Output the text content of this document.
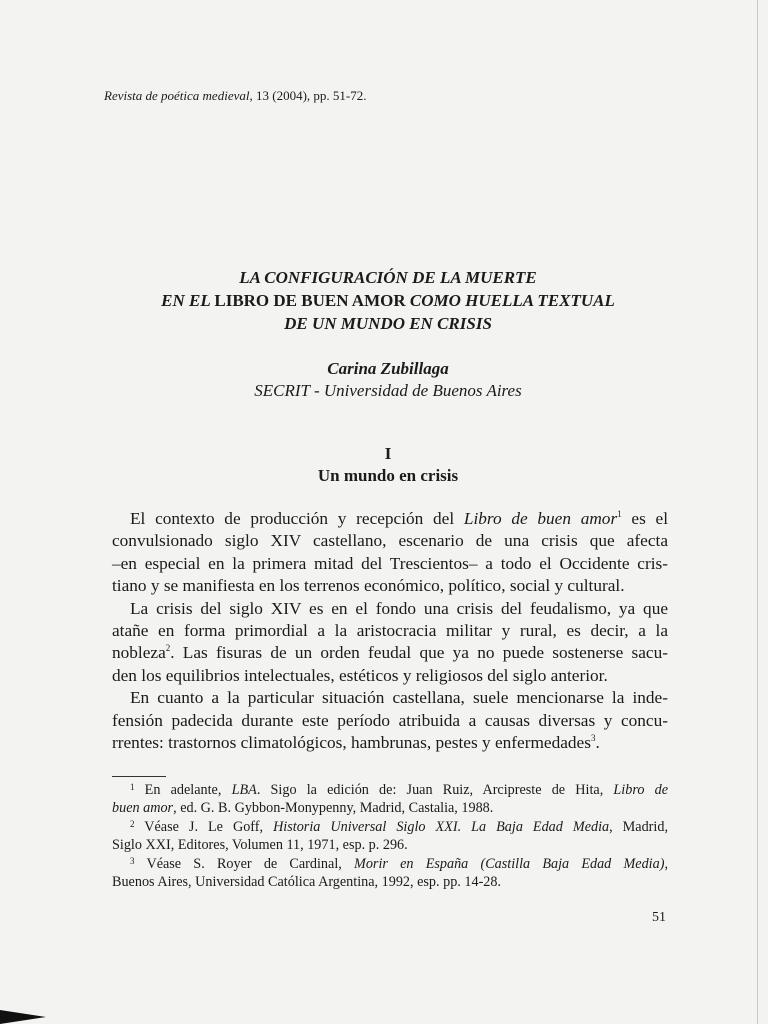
Revista de poética medieval, 13 (2004), pp. 51-72.
LA CONFIGURACIÓN DE LA MUERTE
EN EL LIBRO DE BUEN AMOR COMO HUELLA TEXTUAL
DE UN MUNDO EN CRISIS
Carina Zubillaga
SECRIT - Universidad de Buenos Aires
I
Un mundo en crisis
El contexto de producción y recepción del Libro de buen amor$^1$ es el
convulsionado siglo XIV castellano, escenario de una crisis que afecta
–en especial en la primera mitad del Trescientos– a todo el Occidente cris-
tiano y se manifiesta en los terrenos económico, político, social y cultural.
La crisis del siglo XIV es en el fondo una crisis del feudalismo, ya que
atañe en forma primordial a la aristocracia militar y rural, es decir, a la
nobleza$^2$. Las fisuras de un orden feudal que ya no puede sostenerse sacu-
den los equilibrios intelectuales, estéticos y religiosos del siglo anterior.
En cuanto a la particular situación castellana, suele mencionarse la inde-
fensión padecida durante este período atribuida a causas diversas y concu-
rrentes: trastornos climatológicos, hambrunas, pestes y enfermedades$^3$.
$^1$ En adelante, LBA. Sigo la edición de: Juan Ruiz, Arcipreste de Hita, Libro de
buen amor, ed. G. B. Gybbon-Monypenny, Madrid, Castalia, 1988.
$^2$ Véase J. Le Goff, Historia Universal Siglo XXI. La Baja Edad Media, Madrid,
Siglo XXI, Editores, Volumen 11, 1971, esp. p. 296.
$^3$ Véase S. Royer de Cardinal, Morir en España (Castilla Baja Edad Media),
Buenos Aires, Universidad Católica Argentina, 1992, esp. pp. 14-28.
51
